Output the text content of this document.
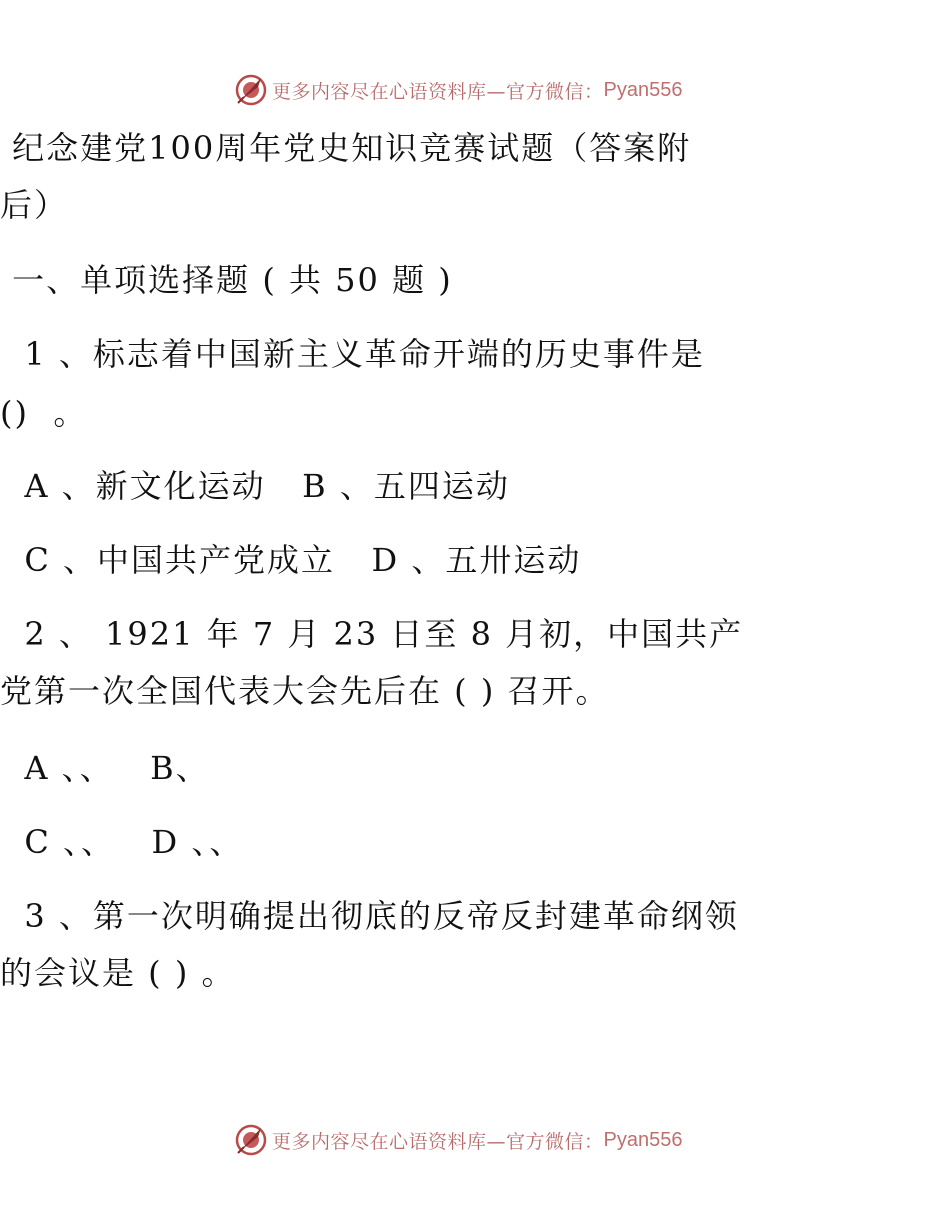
更多内容尽在心语资料库—官方微信： Pyan556
纪念建党100周年党史知识竞赛试题（答案附
后）
一、单项选择题 ( 共 50 题 )
1 、标志着中国新主义革命开端的历史事件是
()  。
A 、新文化运动   B 、五四运动
C 、中国共产党成立   D 、五卅运动
2 、 1921 年 7 月 23 日至 8 月初，中国共产
党第一次全国代表大会先后在 ( ) 召开。
A 、、   B、
C 、、   D 、、
3 、第一次明确提出彻底的反帝反封建革命纲领
的会议是 ( ) 。
更多内容尽在心语资料库—官方微信： Pyan556
